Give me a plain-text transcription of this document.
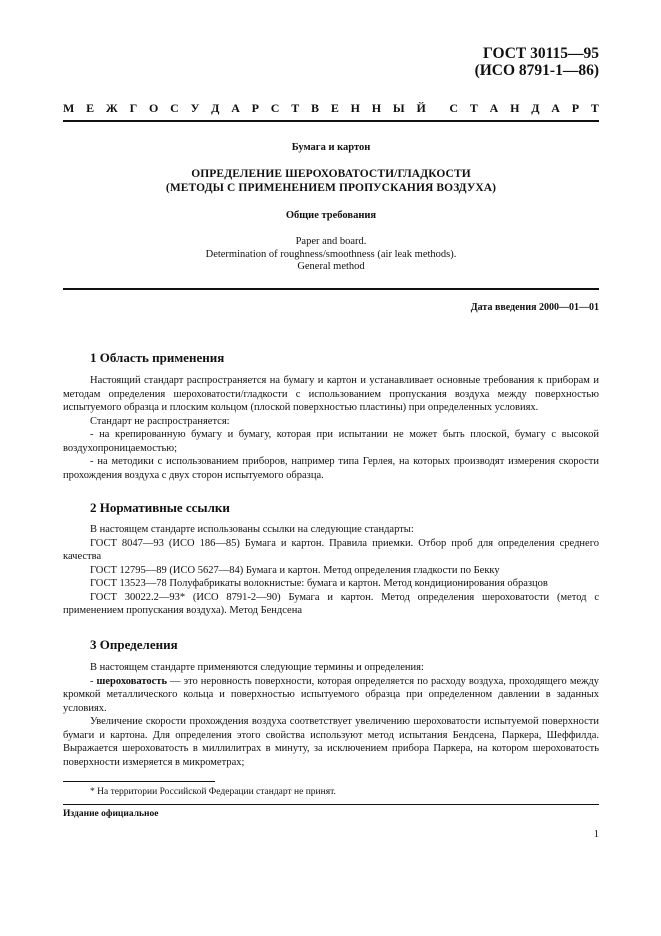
ГОСТ 30115—95
(ИСО 8791-1—86)
М Е Ж Г О С У Д А Р С Т В Е Н Н Ы Й С Т А Н Д А Р Т
Бумага и картон
ОПРЕДЕЛЕНИЕ ШЕРОХОВАТОСТИ/ГЛАДКОСТИ
(МЕТОДЫ С ПРИМЕНЕНИЕМ ПРОПУСКАНИЯ ВОЗДУХА)
Общие требования
Paper and board.
Determination of roughness/smoothness (air leak methods).
General method
Дата введения 2000—01—01
1 Область применения

Настоящий стандарт распространяется на бумагу и картон и устанавливает основные требования к приборам и методам определения шероховатости/гладкости с использованием пропускания воздуха между поверхностью испытуемого образца и плоским кольцом (плоской поверхностью пластины) при определенных условиях.

Стандарт не распространяется:

- на крепированную бумагу и бумагу, которая при испытании не может быть плоской, бумагу с высокой воздухопроницаемостью;

- на методики с использованием приборов, например типа Герлея, на которых производят измерения скорости прохождения воздуха с двух сторон испытуемого образца.

2 Нормативные ссылки

В настоящем стандарте использованы ссылки на следующие стандарты:

ГОСТ 8047—93 (ИСО 186—85) Бумага и картон. Правила приемки. Отбор проб для определения среднего качества

ГОСТ 12795—89 (ИСО 5627—84) Бумага и картон. Метод определения гладкости по Бекку

ГОСТ 13523—78 Полуфабрикаты волокнистые: бумага и картон. Метод кондиционирования образцов

ГОСТ 30022.2—93* (ИСО 8791-2—90) Бумага и картон. Метод определения шероховатости (метод с применением пропускания воздуха). Метод Бендсена

3 Определения

В настоящем стандарте применяются следующие термины и определения:

- шероховатость — это неровность поверхности, которая определяется по расходу воздуха, проходящего между кромкой металлического кольца и поверхностью испытуемого образца при определенном давлении в заданных условиях.

Увеличение скорости прохождения воздуха соответствует увеличению шероховатости испытуемой поверхности бумаги и картона. Для определения этого свойства используют метод испытания Бендсена, Паркера, Шеффилда. Выражается шероховатость в миллилитрах в минуту, за исключением прибора Паркера, на котором шероховатость поверхности измеряется в микрометрах;

* На территории Российской Федерации стандарт не принят.
Издание официальное
1
